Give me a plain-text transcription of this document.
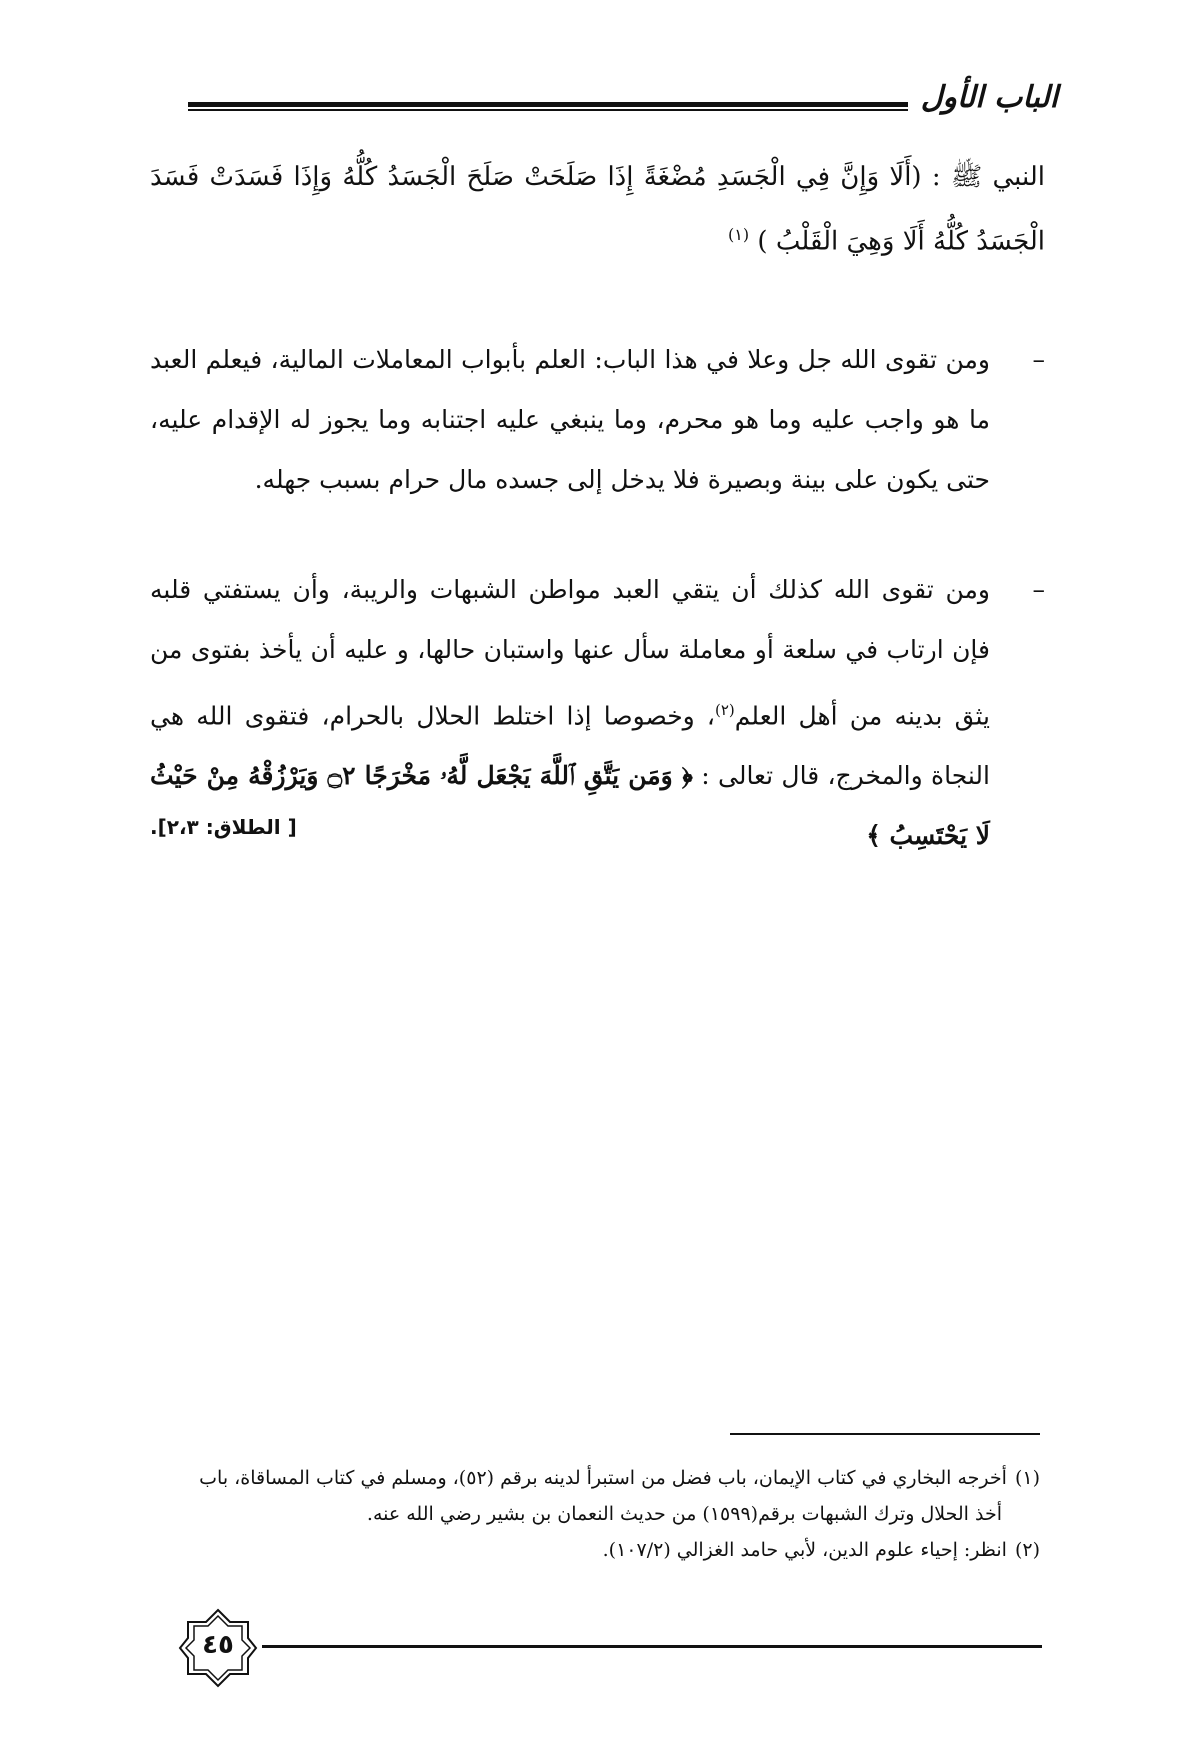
الباب الأول
النبي ﷺ : (أَلَا وَإِنَّ فِي الْجَسَدِ مُضْغَةً إِذَا صَلَحَتْ صَلَحَ الْجَسَدُ كُلُّهُ وَإِذَا فَسَدَتْ فَسَدَ الْجَسَدُ كُلُّهُ أَلَا وَهِيَ الْقَلْبُ ) $^{(١)}$
–
ومن تقوى الله جل وعلا في هذا الباب: العلم بأبواب المعاملات المالية، فيعلم العبد ما هو واجب عليه وما هو محرم، وما ينبغي عليه اجتنابه وما يجوز له الإقدام عليه، حتى يكون على بينة وبصيرة فلا يدخل إلى جسده مال حرام بسبب جهله.
–
ومن تقوى الله كذلك أن يتقي العبد مواطن الشبهات والريبة، وأن يستفتي قلبه فإن ارتاب في سلعة أو معاملة سأل عنها واستبان حالها، و عليه أن يأخذ بفتوى من يثق بدينه من أهل العلم$^{(٢)}$، وخصوصا إذا اختلط الحلال بالحرام، فتقوى الله هي النجاة والمخرج، قال تعالى : ﴿ وَمَن يَتَّقِ ٱللَّهَ يَجْعَل لَّهُۥ مَخْرَجًا ۝٢ وَيَرْزُقْهُ مِنْ حَيْثُ لَا يَحْتَسِبُ ﴾
[ الطلاق: ٢،٣].

(١)أخرجه البخاري في كتاب الإيمان، باب فضل من استبرأ لدينه برقم (٥٢)، ومسلم في كتاب المساقاة، باب

أخذ الحلال وترك الشبهات برقم(١٥٩٩) من حديث النعمان بن بشير رضي الله عنه.

(٢)انظر: إحياء علوم الدين، لأبي حامد الغزالي (١٠٧/٢).

٤٥
